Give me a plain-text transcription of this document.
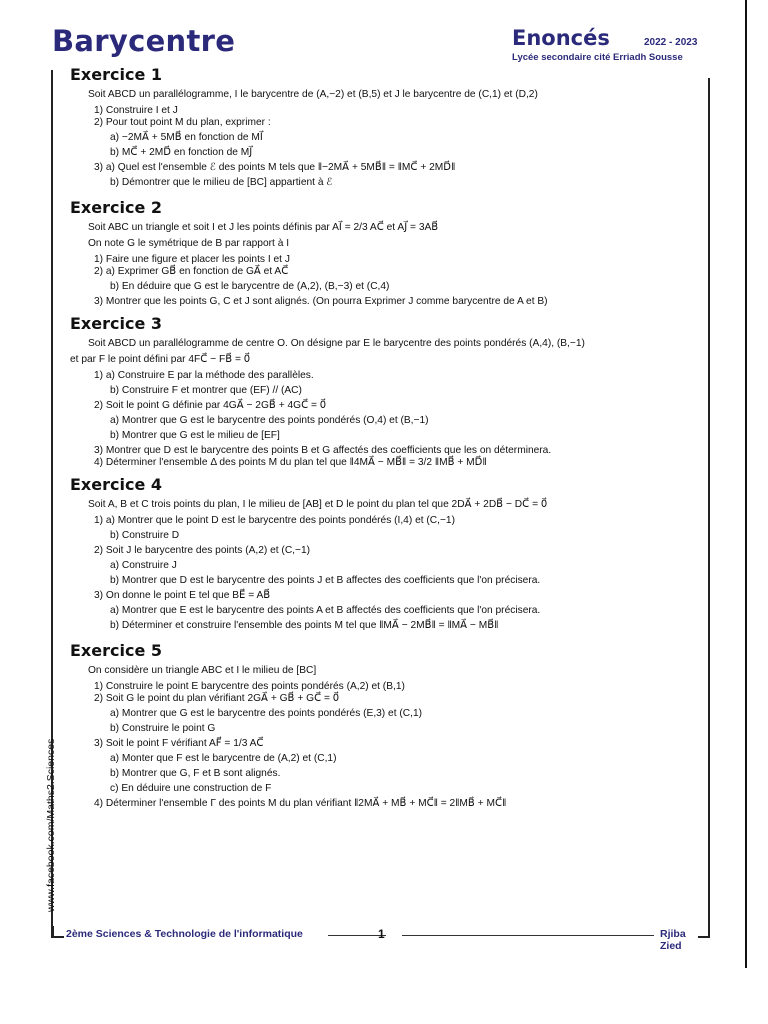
Barycentre	Enoncés	2022 - 2023
Lycée secondaire cité Erriadh Sousse
www.facebook.com/Maths2.Sciences
Exercice 1
Soit ABCD un parallélogramme, I le barycentre de (A,−2) et (B,5) et J le barycentre de (C,1) et (D,2)
1) Construire I et J
2) Pour tout point M du plan, exprimer :
a) −2MA⃗ + 5MB⃗ en fonction de MI⃗
b) MC⃗ + 2MD⃗ en fonction de MJ⃗
3) a) Quel est l'ensemble ℰ des points M tels que ‖−2MA⃗ + 5MB⃗‖ = ‖MC⃗ + 2MD⃗‖
b) Démontrer que le milieu de [BC] appartient à ℰ
Exercice 2
Soit ABC un triangle et soit I et J les points définis par AI⃗ = 2/3 AC⃗ et AJ⃗ = 3AB⃗
On note G le symétrique de B par rapport à I
1) Faire une figure et placer les points I et J
2) a) Exprimer GB⃗ en fonction de GA⃗ et AC⃗
b) En déduire que G est le barycentre de (A,2), (B,−3) et (C,4)
3) Montrer que les points G, C et J sont alignés. (On pourra Exprimer J comme barycentre de A et B)
Exercice 3
Soit ABCD un parallélogramme de centre O. On désigne par E le barycentre des points pondérés (A,4), (B,−1)
et par F le point défini par 4FC⃗ − FB⃗ = 0⃗
1) a) Construire E par la méthode des parallèles.
b) Construire F et montrer que (EF) // (AC)
2) Soit le point G définie par 4GA⃗ − 2GB⃗ + 4GC⃗ = 0⃗
a) Montrer que G est le barycentre des points pondérés (O,4) et (B,−1)
b) Montrer que G est le milieu de [EF]
3) Montrer que D est le barycentre des points B et G affectés des coefficients que les on déterminera.
4) Déterminer l'ensemble Δ des points M du plan tel que ‖4MA⃗ − MB⃗‖ = 3/2 ‖MB⃗ + MD⃗‖
Exercice 4
Soit A, B et C trois points du plan, I le milieu de [AB] et D le point du plan tel que 2DA⃗ + 2DB⃗ − DC⃗ = 0⃗
1) a) Montrer que le point D est le barycentre des points pondérés (I,4) et (C,−1)
b) Construire D
2) Soit J le barycentre des points (A,2) et (C,−1)
a) Construire J
b) Montrer que D est le barycentre des points J et B affectes des coefficients que l'on précisera.
3) On donne le point E tel que BE⃗ = AB⃗
a) Montrer que E est le barycentre des points A et B affectés des coefficients que l'on précisera.
b) Déterminer et construire l'ensemble des points M tel que ‖MA⃗ − 2MB⃗‖ = ‖MA⃗ − MB⃗‖
Exercice 5
On considère un triangle ABC et I le milieu de [BC]
1) Construire le point E barycentre des points pondérés (A,2) et (B,1)
2) Soit G le point du plan vérifiant 2GA⃗ + GB⃗ + GC⃗ = 0⃗
a) Montrer que G est le barycentre des points pondérés (E,3) et (C,1)
b) Construire le point G
3) Soit le point F vérifiant AF⃗ = 1/3 AC⃗
a) Monter que F est le barycentre de (A,2) et (C,1)
b) Montrer que G, F et B sont alignés.
c) En déduire une construction de F
4) Déterminer l'ensemble Γ des points M du plan vérifiant ‖2MA⃗ + MB⃗ + MC⃗‖ = 2‖MB⃗ + MC⃗‖
2ème Sciences & Technologie de l'informatique	1	Rjiba Zied
